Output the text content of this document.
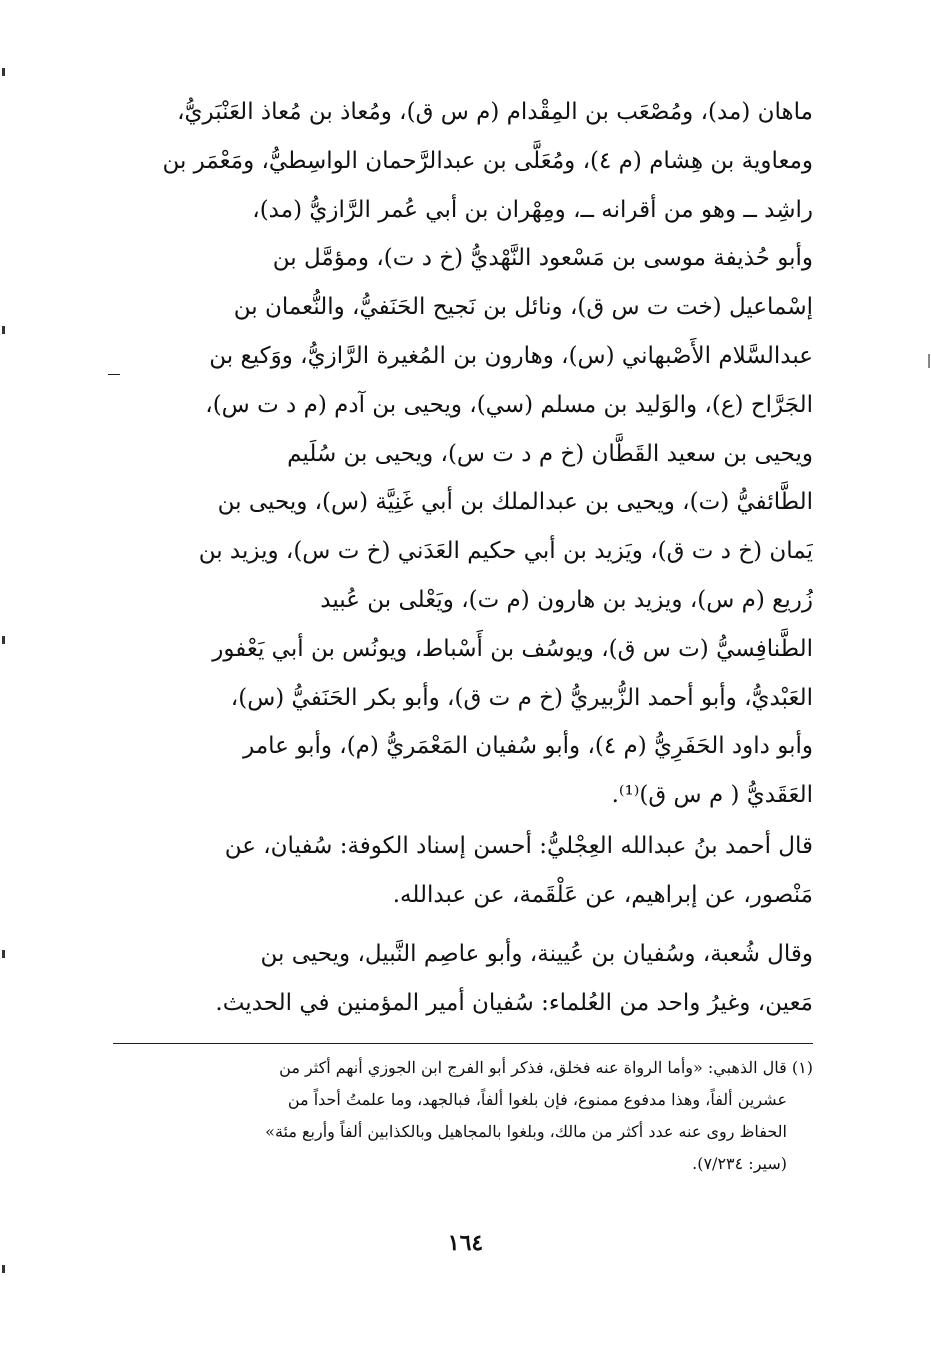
ماهان (مد)، ومُصْعَب بن المِقْدام (م س ق)، ومُعاذ بن مُعاذ العَنْبَريُّ،
ومعاوية بن هِشام (م ٤)، ومُعَلَّى بن عبدالرَّحمان الواسِطيُّ، ومَعْمَر بن
راشِد ــ وهو من أقرانه ــ، ومِهْران بن أبي عُمر الرَّازيُّ (مد)،
وأبو حُذيفة موسى بن مَسْعود النَّهْديُّ (خ د ت)، ومؤمَّل بن
إسْماعيل (خت ت س ق)، ونائل بن نَجيح الحَنَفيُّ، والنُّعمان بن
عبدالسَّلام الأَصْبهاني (س)، وهارون بن المُغيرة الرَّازيُّ، ووَكيع بن
الجَرَّاح (ع)، والوَليد بن مسلم (سي)، ويحيى بن آدم (م د ت س)،
ويحيى بن سعيد القَطَّان (خ م د ت س)، ويحيى بن سُلَيم
الطَّائفيُّ (ت)، ويحيى بن عبدالملك بن أبي غَنِيَّة (س)، ويحيى بن
يَمان (خ د ت ق)، ويَزيد بن أبي حكيم العَدَني (خ ت س)، ويزيد بن
زُريع (م س)، ويزيد بن هارون (م ت)، ويَعْلى بن عُبيد
الطَّنافِسيُّ (ت س ق)، ويوسُف بن أَسْباط، ويونُس بن أبي يَعْفور
العَبْديُّ، وأبو أحمد الزُّبيريُّ (خ م ت ق)، وأبو بكر الحَنَفيُّ (س)،
وأبو داود الحَفَرِيُّ (م ٤)، وأبو سُفيان المَعْمَريُّ (م)، وأبو عامر
العَقَديُّ ( م س ق)⁽¹⁾.
قال أحمد بنُ عبدالله العِجْليُّ: أحسن إسناد الكوفة: سُفيان، عن
مَنْصور، عن إبراهيم، عن عَلْقَمة، عن عبدالله.
وقال شُعبة، وسُفيان بن عُيينة، وأبو عاصِم النَّبيل، ويحيى بن
مَعين، وغيرُ واحد من العُلماء: سُفيان أمير المؤمنين في الحديث.
(١) قال الذهبي: «وأما الرواة عنه فخلق، فذكر أبو الفرج ابن الجوزي أنهم أكثر من
عشرين ألفاً، وهذا مدفوع ممنوع، فإن بلغوا ألفاً، فبالجهد، وما علمتُ أحداً من
الحفاظ روى عنه عدد أكثر من مالك، وبلغوا بالمجاهيل وبالكذابين ألفاً وأربع مئة»
(سير: ٧/٢٣٤).
١٦٤
